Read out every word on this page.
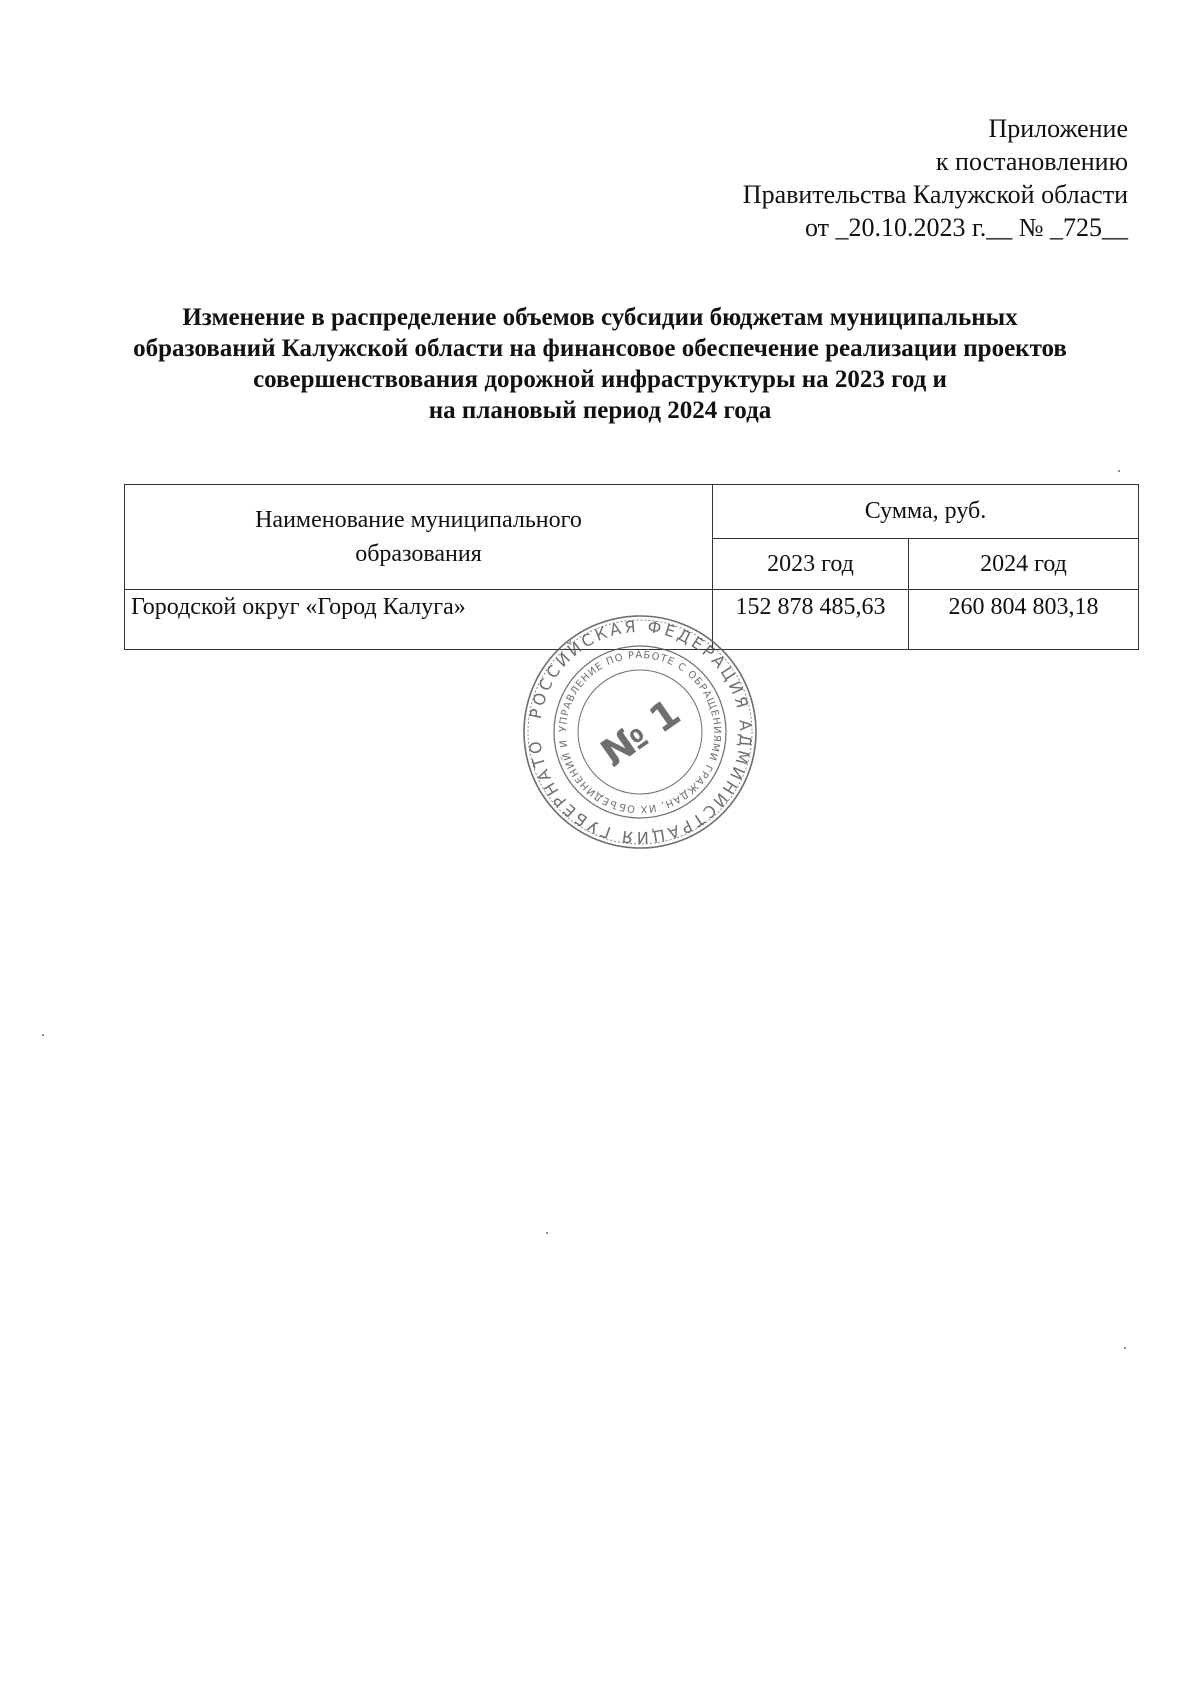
Приложение
к постановлению
Правительства Калужской области
от _20.10.2023 г.__ № _725__
Изменение в распределение объемов субсидии бюджетам муниципальных
образований Калужской области на финансовое обеспечение реализации проектов
совершенствования дорожной инфраструктуры на 2023 год и
на плановый период 2024 года
Наименование муниципального
образования	Сумма, руб.	
	2023 год	2024 год
Городской округ «Город Калуга»	152 878 485,63	260 804 803,18
РОССИЙСКАЯ ФЕДЕРАЦИЯ АДМИНИСТРАЦИЯ ГУБЕРНАТО
УПРАВЛЕНИЕ ПО РАБОТЕ С ОБРАЩЕНИЯМИ ГРАЖДАН, ИХ ОБЪЕДИНЕНИЙ И № 1
